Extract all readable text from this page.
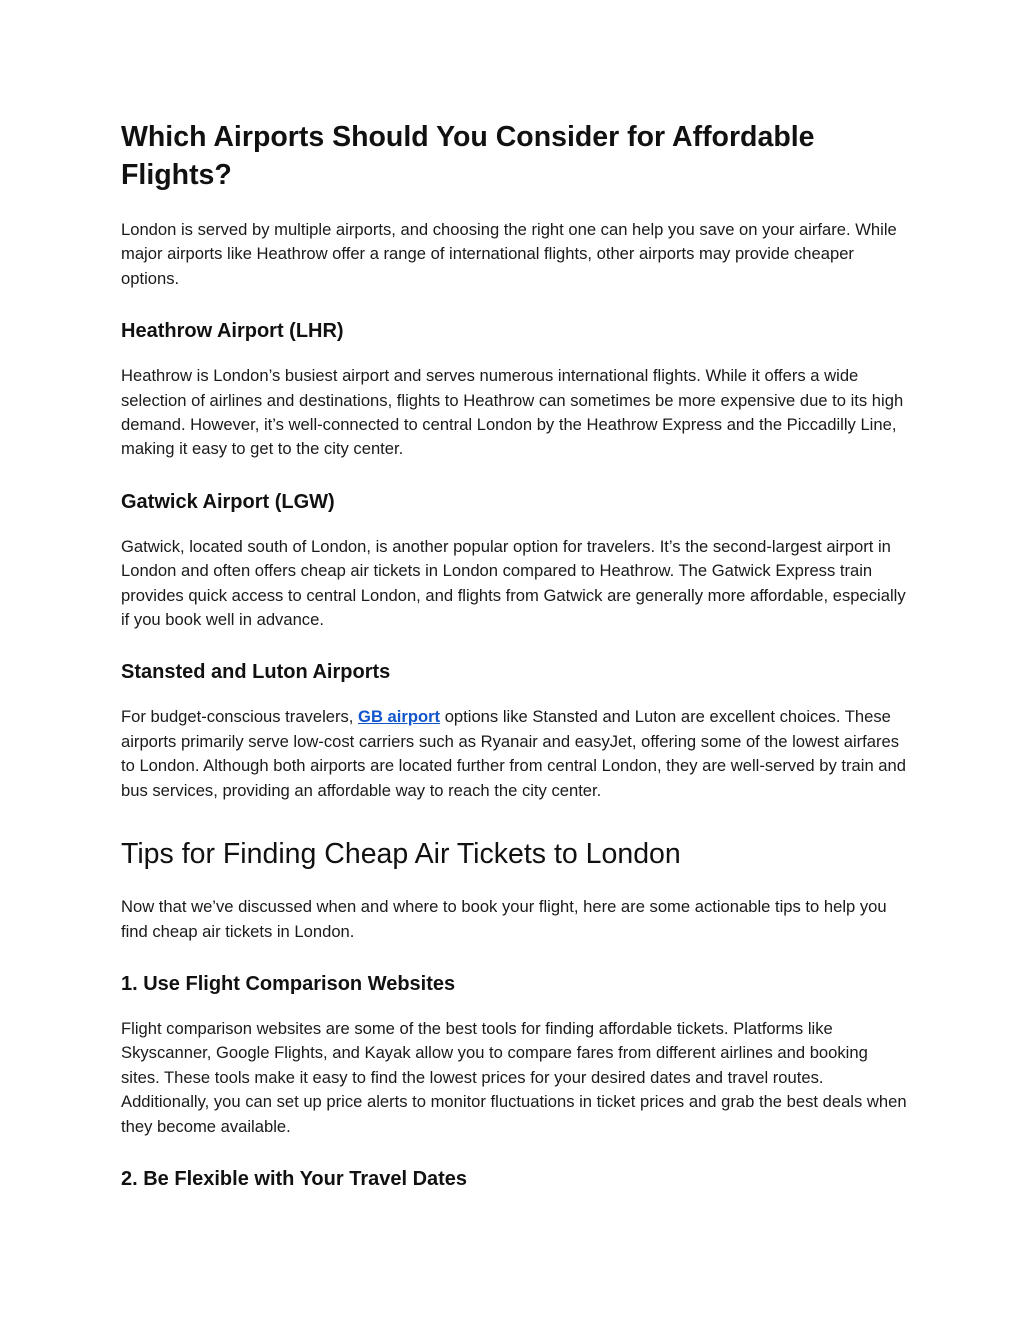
Which Airports Should You Consider for Affordable Flights?

London is served by multiple airports, and choosing the right one can help you save on your airfare. While major airports like Heathrow offer a range of international flights, other airports may provide cheaper options.

Heathrow Airport (LHR)

Heathrow is London’s busiest airport and serves numerous international flights. While it offers a wide selection of airlines and destinations, flights to Heathrow can sometimes be more expensive due to its high demand. However, it’s well-connected to central London by the Heathrow Express and the Piccadilly Line, making it easy to get to the city center.

Gatwick Airport (LGW)

Gatwick, located south of London, is another popular option for travelers. It’s the second-largest airport in London and often offers cheap air tickets in London compared to Heathrow. The Gatwick Express train provides quick access to central London, and flights from Gatwick are generally more affordable, especially if you book well in advance.

Stansted and Luton Airports

For budget-conscious travelers, GB airport options like Stansted and Luton are excellent choices. These airports primarily serve low-cost carriers such as Ryanair and easyJet, offering some of the lowest airfares to London. Although both airports are located further from central London, they are well-served by train and bus services, providing an affordable way to reach the city center.

Tips for Finding Cheap Air Tickets to London

Now that we’ve discussed when and where to book your flight, here are some actionable tips to help you find cheap air tickets in London.

1. Use Flight Comparison Websites

Flight comparison websites are some of the best tools for finding affordable tickets. Platforms like Skyscanner, Google Flights, and Kayak allow you to compare fares from different airlines and booking sites. These tools make it easy to find the lowest prices for your desired dates and travel routes. Additionally, you can set up price alerts to monitor fluctuations in ticket prices and grab the best deals when they become available.

2. Be Flexible with Your Travel Dates
